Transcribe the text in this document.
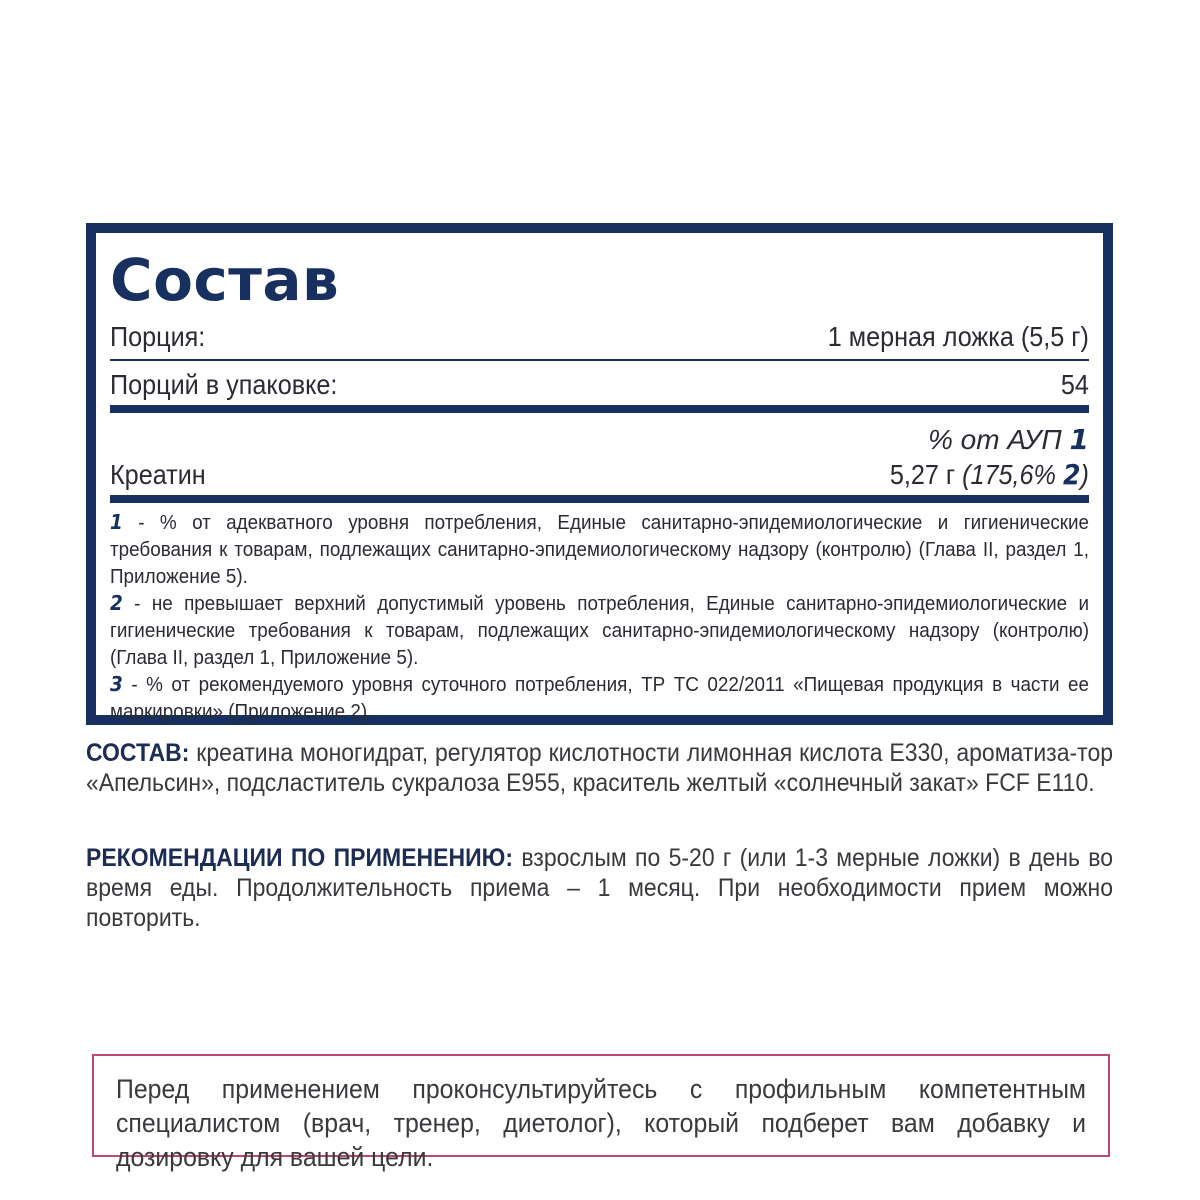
Состав
Порция:	1 мерная ложка (5,5 г)
Порций в упаковке:	54
% от АУП 1
Креатин	5,27 г (175,6% 2)

1 - % от адекватного уровня потребления, Единые санитарно-эпидемиологические и гигиенические требования к товарам, подлежащих санитарно-эпидемиологическому надзору (контролю) (Глава II, раздел 1, Приложение 5).

2 - не превышает верхний допустимый уровень потребления, Единые санитарно-эпидемиологические и гигиенические требования к товарам, подлежащих санитарно-эпидемиологическому надзору (контролю) (Глава II, раздел 1, Приложение 5).

3 - % от рекомендуемого уровня суточного потребления, ТР ТС 022/2011 «Пищевая продукция в части ее маркировки» (Приложение 2).

СОСТАВ: креатина моногидрат, регулятор кислотности лимонная кислота Е330, ароматиза-тор «Апельсин», подсластитель сукралоза Е955, краситель желтый «солнечный закат» FCF Е110.
РЕКОМЕНДАЦИИ ПО ПРИМЕНЕНИЮ: взрослым по 5-20 г (или 1-3 мерные ложки) в день во время еды. Продолжительность приема – 1 месяц. При необходимости прием можно повторить.
Перед применением проконсультируйтесь с профильным компетентным специалистом (врач, тренер, диетолог), который подберет вам добавку и дозировку для вашей цели.
